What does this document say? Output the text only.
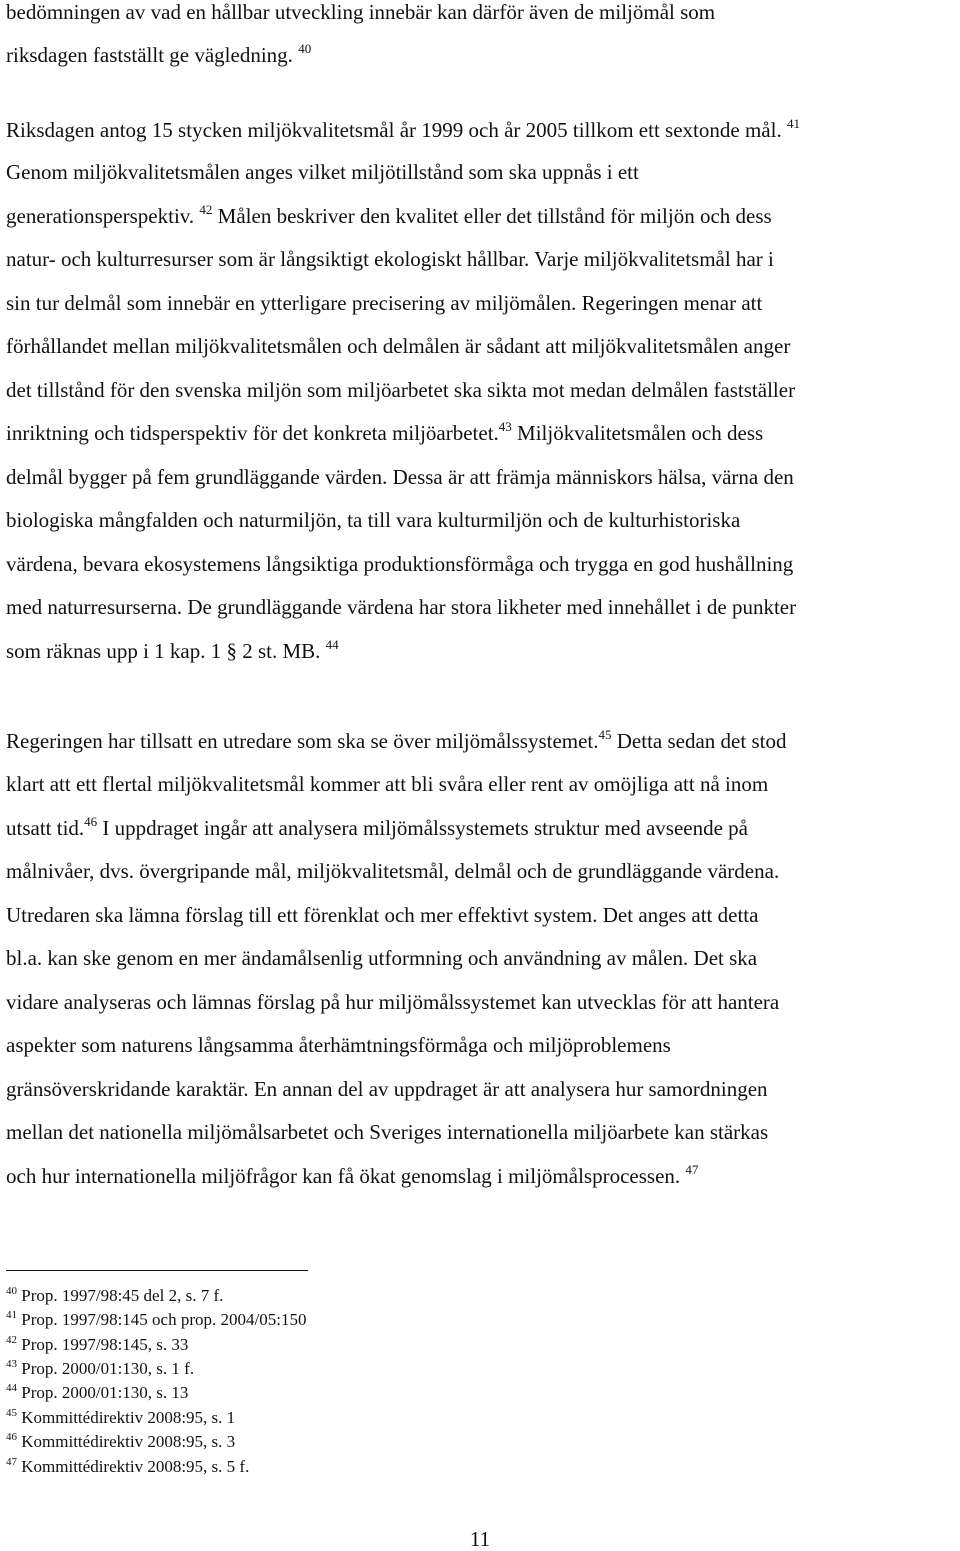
bedömningen av vad en hållbar utveckling innebär kan därför även de miljömål som
riksdagen fastställt ge vägledning. $^{40}$
Riksdagen antog 15 stycken miljökvalitetsmål år 1999 och år 2005 tillkom ett sextonde mål. $^{41}$
Genom miljökvalitetsmålen anges vilket miljötillstånd som ska uppnås i ett
generationsperspektiv. $^{42}$ Målen beskriver den kvalitet eller det tillstånd för miljön och dess
natur- och kulturresurser som är långsiktigt ekologiskt hållbar. Varje miljökvalitetsmål har i
sin tur delmål som innebär en ytterligare precisering av miljömålen. Regeringen menar att
förhållandet mellan miljökvalitetsmålen och delmålen är sådant att miljökvalitetsmålen anger
det tillstånd för den svenska miljön som miljöarbetet ska sikta mot medan delmålen fastställer
inriktning och tidsperspektiv för det konkreta miljöarbetet.$^{43}$ Miljökvalitetsmålen och dess
delmål bygger på fem grundläggande värden. Dessa är att främja människors hälsa, värna den
biologiska mångfalden och naturmiljön, ta till vara kulturmiljön och de kulturhistoriska
värdena, bevara ekosystemens långsiktiga produktionsförmåga och trygga en god hushållning
med naturresurserna. De grundläggande värdena har stora likheter med innehållet i de punkter
som räknas upp i 1 kap. 1 § 2 st. MB. $^{44}$
Regeringen har tillsatt en utredare som ska se över miljömålssystemet.$^{45}$ Detta sedan det stod
klart att ett flertal miljökvalitetsmål kommer att bli svåra eller rent av omöjliga att nå inom
utsatt tid.$^{46}$ I uppdraget ingår att analysera miljömålssystemets struktur med avseende på
målnivåer, dvs. övergripande mål, miljökvalitetsmål, delmål och de grundläggande värdena.
Utredaren ska lämna förslag till ett förenklat och mer effektivt system. Det anges att detta
bl.a. kan ske genom en mer ändamålsenlig utformning och användning av målen. Det ska
vidare analyseras och lämnas förslag på hur miljömålssystemet kan utvecklas för att hantera
aspekter som naturens långsamma återhämtningsförmåga och miljöproblemens
gränsöverskridande karaktär. En annan del av uppdraget är att analysera hur samordningen
mellan det nationella miljömålsarbetet och Sveriges internationella miljöarbete kan stärkas
och hur internationella miljöfrågor kan få ökat genomslag i miljömålsprocessen. $^{47}$
$^{40}$ Prop. 1997/98:45 del 2, s. 7 f.
$^{41}$ Prop. 1997/98:145 och prop. 2004/05:150
$^{42}$ Prop. 1997/98:145, s. 33
$^{43}$ Prop. 2000/01:130, s. 1 f.
$^{44}$ Prop. 2000/01:130, s. 13
$^{45}$ Kommittédirektiv 2008:95, s. 1
$^{46}$ Kommittédirektiv 2008:95, s. 3
$^{47}$ Kommittédirektiv 2008:95, s. 5 f.
11
